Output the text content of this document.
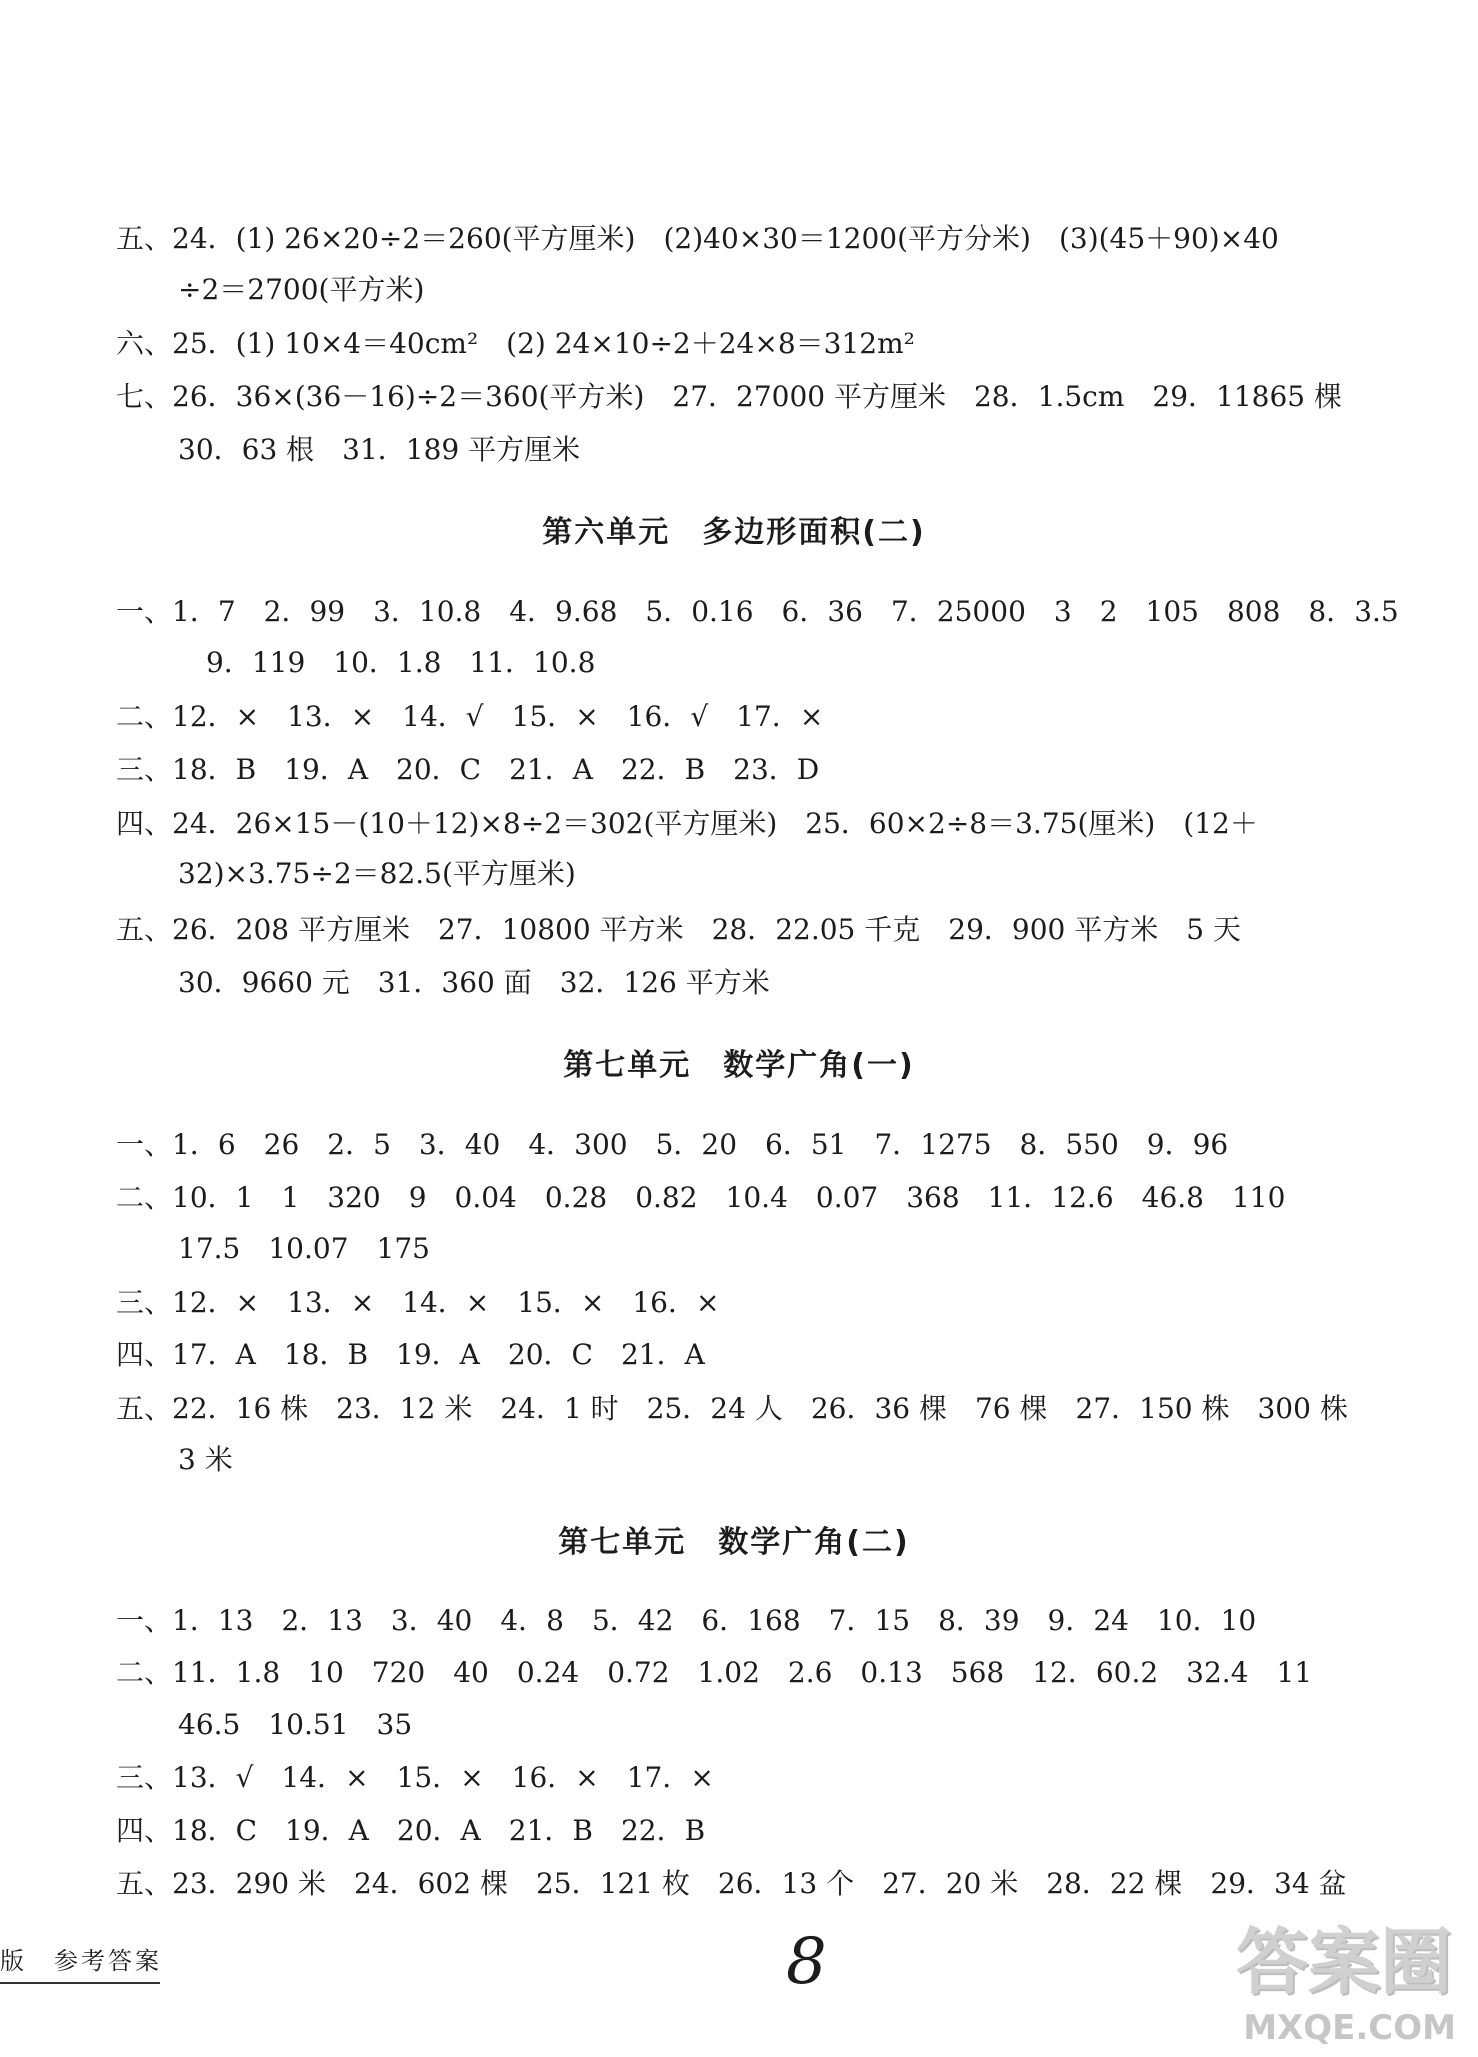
五、24．(1) 26×20÷2＝260(平方厘米)　(2)40×30＝1200(平方分米)　(3)(45＋90)×40
÷2＝2700(平方米)
六、25．(1) 10×4＝40cm²　(2) 24×10÷2＋24×8＝312m²
七、26．36×(36－16)÷2＝360(平方米)　27．27000 平方厘米　28．1.5cm　29．11865 棵
30．63 根　31．189 平方厘米
第六单元　多边形面积(二)
一、1．7　2．99　3．10.8　4．9.68　5．0.16　6．36　7．25000　3　2　105　808　8．3.5
9．119　10．1.8　11．10.8
二、12．×　13．×　14．√　15．×　16．√　17．×
三、18．B　19．A　20．C　21．A　22．B　23．D
四、24．26×15－(10＋12)×8÷2＝302(平方厘米)　25．60×2÷8＝3.75(厘米)　(12＋
32)×3.75÷2＝82.5(平方厘米)
五、26．208 平方厘米　27．10800 平方米　28．22.05 千克　29．900 平方米　5 天
30．9660 元　31．360 面　32．126 平方米
第七单元　数学广角(一)
一、1．6　26　2．5　3．40　4．300　5．20　6．51　7．1275　8．550　9．96
二、10．1　1　320　9　0.04　0.28　0.82　10.4　0.07　368　11．12.6　46.8　110
17.5　10.07　175
三、12．×　13．×　14．×　15．×　16．×
四、17．A　18．B　19．A　20．C　21．A
五、22．16 株　23．12 米　24．1 时　25．24 人　26．36 棵　76 棵　27．150 株　300 株
3 米
第七单元　数学广角(二)
一、1．13　2．13　3．40　4．8　5．42　6．168　7．15　8．39　9．24　10．10
二、11．1.8　10　720　40　0.24　0.72　1.02　2.6　0.13　568　12．60.2　32.4　11
46.5　10.51　35
三、13．√　14．×　15．×　16．×　17．×
四、18．C　19．A　20．A　21．B　22．B
五、23．290 米　24．602 棵　25．121 枚　26．13 个　27．20 米　28．22 棵　29．34 盆
版　参考答案	8	答案圈
MXQE.COM
